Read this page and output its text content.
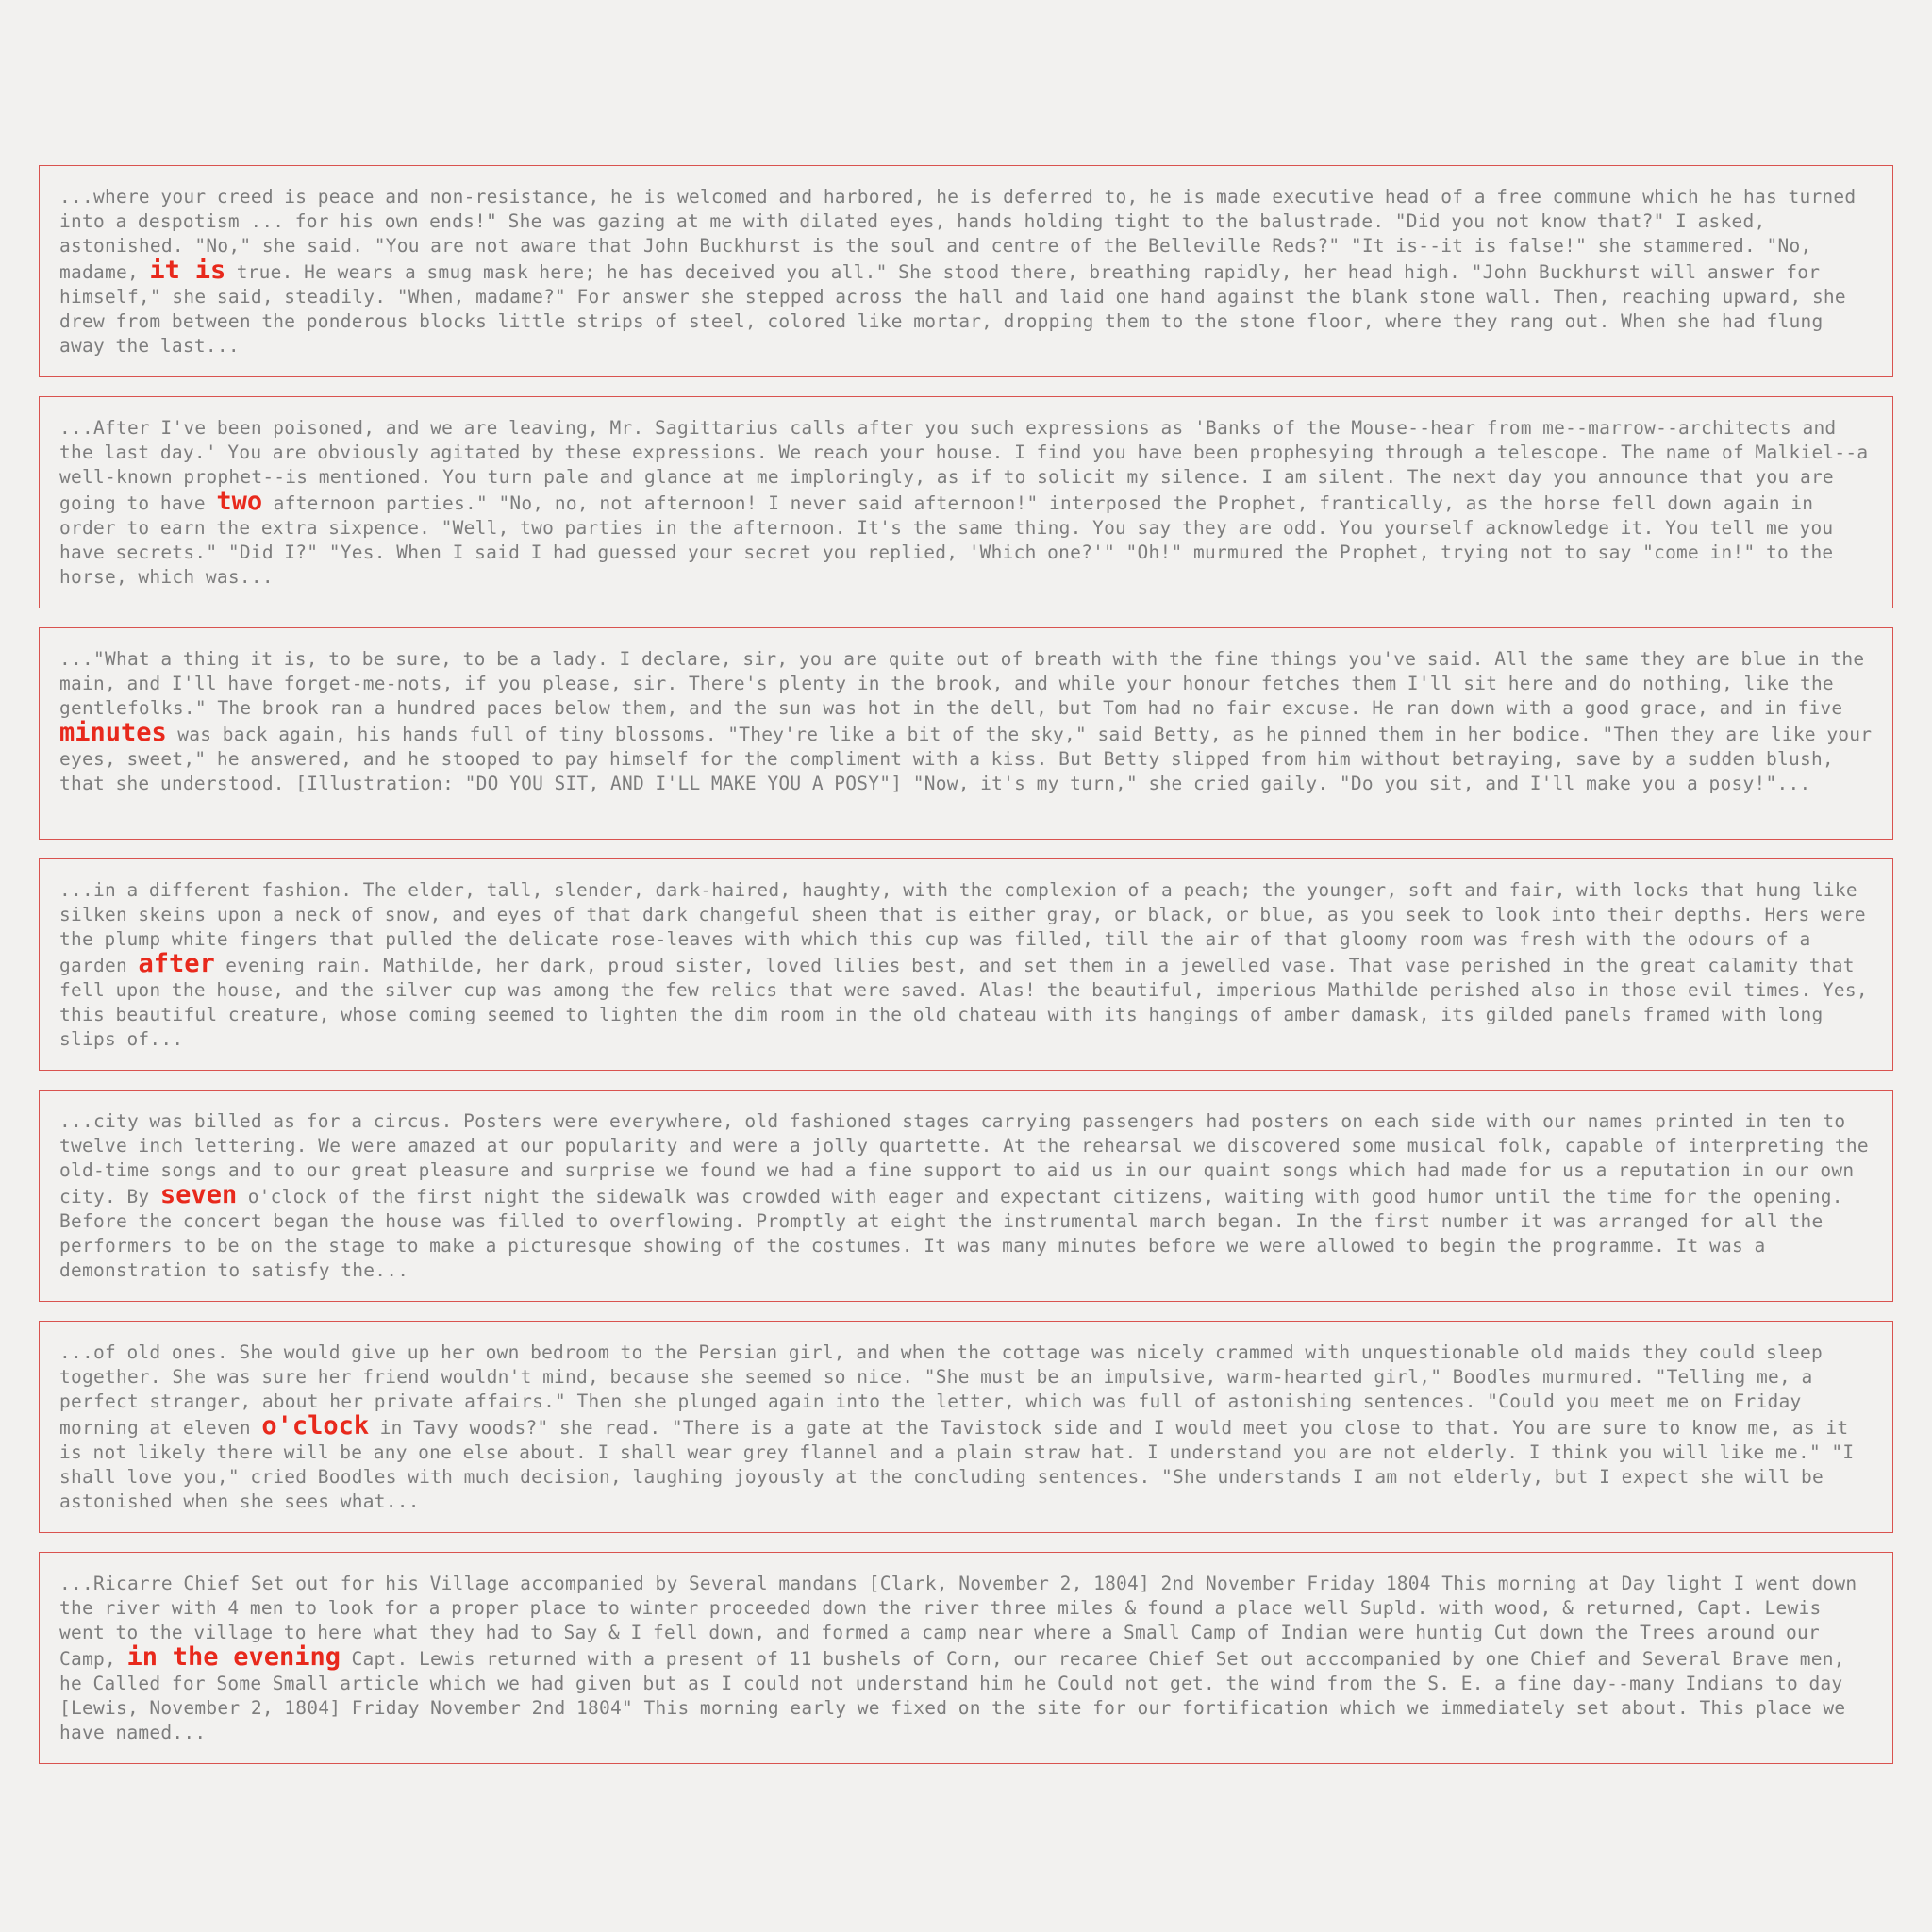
...where your creed is peace and non-resistance, he is welcomed and harbored, he is deferred to, he is made executive head of a free commune which he has turned into a despotism ... for his own ends!" She was gazing at me with dilated eyes, hands holding tight to the balustrade. "Did you not know that?" I asked, astonished. "No," she said. "You are not aware that John Buckhurst is the soul and centre of the Belleville Reds?" "It is--it is false!" she stammered. "No, madame, it is true. He wears a smug mask here; he has deceived you all." She stood there, breathing rapidly, her head high. "John Buckhurst will answer for himself," she said, steadily. "When, madame?" For answer she stepped across the hall and laid one hand against the blank stone wall. Then, reaching upward, she drew from between the ponderous blocks little strips of steel, colored like mortar, dropping them to the stone floor, where they rang out. When she had flung away the last...

...After I've been poisoned, and we are leaving, Mr. Sagittarius calls after you such expressions as 'Banks of the Mouse--hear from me--marrow--architects and the last day.' You are obviously agitated by these expressions. We reach your house. I find you have been prophesying through a telescope. The name of Malkiel--a well-known prophet--is mentioned. You turn pale and glance at me imploringly, as if to solicit my silence. I am silent. The next day you announce that you are going to have two afternoon parties." "No, no, not afternoon! I never said afternoon!" interposed the Prophet, frantically, as the horse fell down again in order to earn the extra sixpence. "Well, two parties in the afternoon. It's the same thing. You say they are odd. You yourself acknowledge it. You tell me you have secrets." "Did I?" "Yes. When I said I had guessed your secret you replied, 'Which one?'" "Oh!" murmured the Prophet, trying not to say "come in!" to the horse, which was...

..."What a thing it is, to be sure, to be a lady. I declare, sir, you are quite out of breath with the fine things you've said. All the same they are blue in the main, and I'll have forget-me-nots, if you please, sir. There's plenty in the brook, and while your honour fetches them I'll sit here and do nothing, like the gentlefolks." The brook ran a hundred paces below them, and the sun was hot in the dell, but Tom had no fair excuse. He ran down with a good grace, and in five minutes was back again, his hands full of tiny blossoms. "They're like a bit of the sky," said Betty, as he pinned them in her bodice. "Then they are like your eyes, sweet," he answered, and he stooped to pay himself for the compliment with a kiss. But Betty slipped from him without betraying, save by a sudden blush, that she understood. [Illustration: "DO YOU SIT, AND I'LL MAKE YOU A POSY"] "Now, it's my turn," she cried gaily. "Do you sit, and I'll make you a posy!"...

...in a different fashion. The elder, tall, slender, dark-haired, haughty, with the complexion of a peach; the younger, soft and fair, with locks that hung like silken skeins upon a neck of snow, and eyes of that dark changeful sheen that is either gray, or black, or blue, as you seek to look into their depths. Hers were the plump white fingers that pulled the delicate rose-leaves with which this cup was filled, till the air of that gloomy room was fresh with the odours of a garden after evening rain. Mathilde, her dark, proud sister, loved lilies best, and set them in a jewelled vase. That vase perished in the great calamity that fell upon the house, and the silver cup was among the few relics that were saved. Alas! the beautiful, imperious Mathilde perished also in those evil times. Yes, this beautiful creature, whose coming seemed to lighten the dim room in the old chateau with its hangings of amber damask, its gilded panels framed with long slips of...

...city was billed as for a circus. Posters were everywhere, old fashioned stages carrying passengers had posters on each side with our names printed in ten to twelve inch lettering. We were amazed at our popularity and were a jolly quartette. At the rehearsal we discovered some musical folk, capable of interpreting the old-time songs and to our great pleasure and surprise we found we had a fine support to aid us in our quaint songs which had made for us a reputation in our own city. By seven o'clock of the first night the sidewalk was crowded with eager and expectant citizens, waiting with good humor until the time for the opening. Before the concert began the house was filled to overflowing. Promptly at eight the instrumental march began. In the first number it was arranged for all the performers to be on the stage to make a picturesque showing of the costumes. It was many minutes before we were allowed to begin the programme. It was a demonstration to satisfy the...

...of old ones. She would give up her own bedroom to the Persian girl, and when the cottage was nicely crammed with unquestionable old maids they could sleep together. She was sure her friend wouldn't mind, because she seemed so nice. "She must be an impulsive, warm-hearted girl," Boodles murmured. "Telling me, a perfect stranger, about her private affairs." Then she plunged again into the letter, which was full of astonishing sentences. "Could you meet me on Friday morning at eleven o'clock in Tavy woods?" she read. "There is a gate at the Tavistock side and I would meet you close to that. You are sure to know me, as it is not likely there will be any one else about. I shall wear grey flannel and a plain straw hat. I understand you are not elderly. I think you will like me." "I shall love you," cried Boodles with much decision, laughing joyously at the concluding sentences. "She understands I am not elderly, but I expect she will be astonished when she sees what...

...Ricarre Chief Set out for his Village accompanied by Several mandans [Clark, November 2, 1804] 2nd November Friday 1804 This morning at Day light I went down the river with 4 men to look for a proper place to winter proceeded down the river three miles & found a place well Supld. with wood, & returned, Capt. Lewis went to the village to here what they had to Say & I fell down, and formed a camp near where a Small Camp of Indian were huntig Cut down the Trees around our Camp, in the evening Capt. Lewis returned with a present of 11 bushels of Corn, our recaree Chief Set out acccompanied by one Chief and Several Brave men, he Called for Some Small article which we had given but as I could not understand him he Could not get. the wind from the S. E. a fine day--many Indians to day [Lewis, November 2, 1804] Friday November 2nd 1804" This morning early we fixed on the site for our fortification which we immediately set about. This place we have named...
